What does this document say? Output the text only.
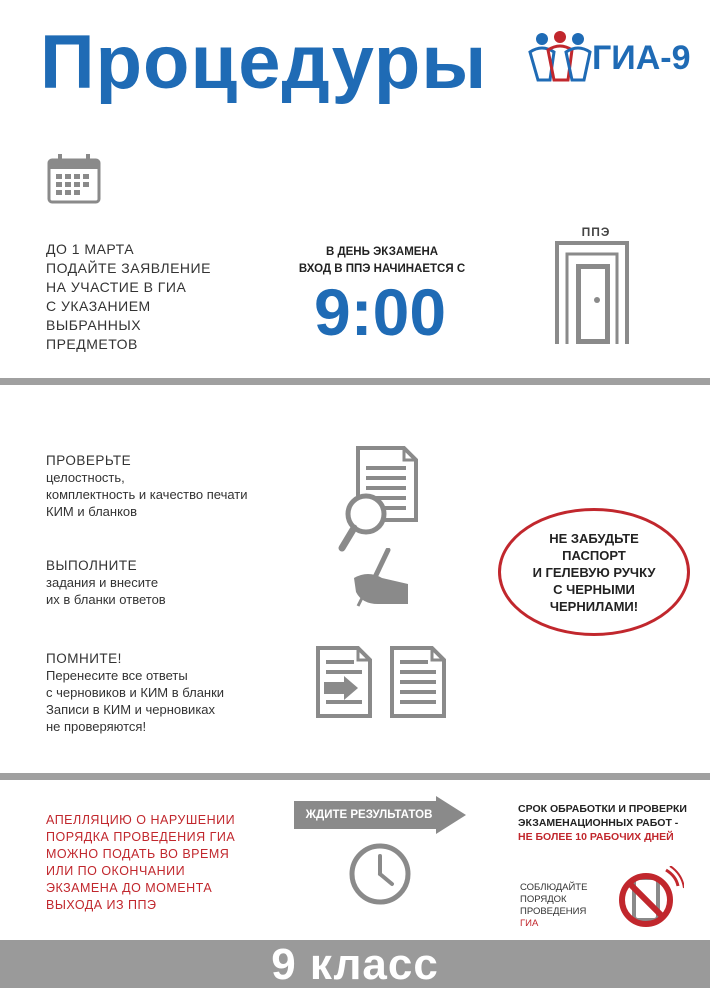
Процедуры	ГИА-9
ДО 1 МАРТА
ПОДАЙТЕ ЗАЯВЛЕНИЕ
НА УЧАСТИЕ В ГИА
С УКАЗАНИЕМ
ВЫБРАННЫХ
ПРЕДМЕТОВ
В ДЕНЬ ЭКЗАМЕНА
ВХОД В ППЭ НАЧИНАЕТСЯ С
9:00
ППЭ
ПРОВЕРЬТЕ
целостность,
комплектность и качество печати
КИМ и бланков
ВЫПОЛНИТЕ
задания и внесите
их в бланки ответов
ПОМНИТЕ!
Перенесите все ответы
с черновиков и КИМ в бланки
Записи в КИМ и черновиках
не проверяются!
НЕ ЗАБУДЬТЕ
ПАСПОРТ
И ГЕЛЕВУЮ РУЧКУ
С ЧЕРНЫМИ
ЧЕРНИЛАМИ!
АПЕЛЛЯЦИЮ О НАРУШЕНИИ
ПОРЯДКА ПРОВЕДЕНИЯ ГИА
МОЖНО ПОДАТЬ ВО ВРЕМЯ
ИЛИ ПО ОКОНЧАНИИ
ЭКЗАМЕНА ДО МОМЕНТА
ВЫХОДА ИЗ ППЭ
ЖДИТЕ РЕЗУЛЬТАТОВ	СРОК ОБРАБОТКИ И ПРОВЕРКИ
ЭКЗАМЕНАЦИОННЫХ РАБОТ -
НЕ БОЛЕЕ 10 РАБОЧИХ ДНЕЙ
СОБЛЮДАЙТЕ
ПОРЯДОК
ПРОВЕДЕНИЯ
ГИА
9 класс
